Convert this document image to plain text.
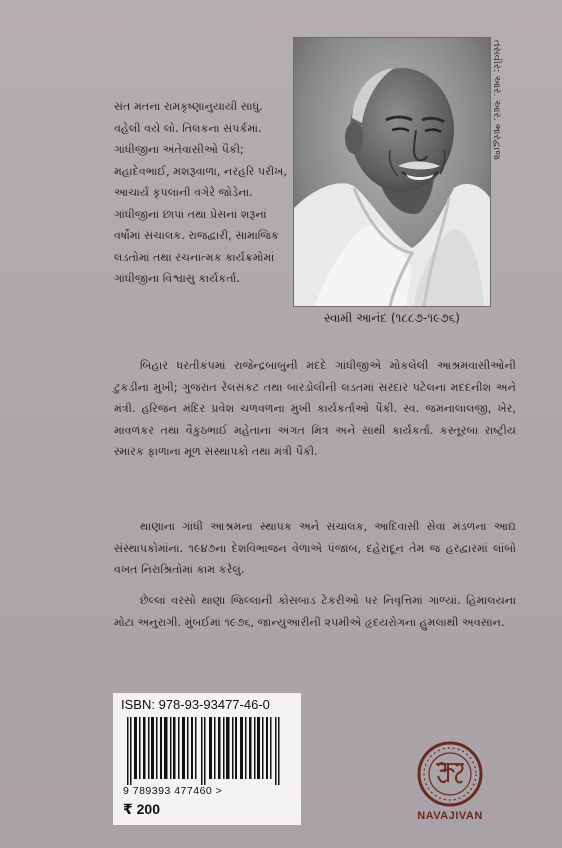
તસવીર: આર. આર. ભારદ્વાજ
સ્વામી આનંદ (૧૮૮૭-૧૯૭૬)

સંત મતના રામકૃષ્ણાનુયાયી સાધુ. વહેલી વયે લો. તિલકના સંપર્કમાં. ગાંધીજીના અંતેવાસીઓ પૈકી; મહાદેવભાઈ, મશરૂવાળા, નરહરિ પરીખ, આચાર્ય કૃપલાની વગેરે જોડેના. ગાંધીજીનાં છાપાં તથા પ્રેસનાં શરૂનાં વર્ષોમાં સંચાલક. રાજદ્વારી, સામાજિક લડતોમાં તથા રચનાત્મક કાર્યક્રમોમાં ગાંધીજીના વિશ્વાસુ કાર્યકર્તા.

બિહાર ધરતીકંપમાં રાજેન્દ્રબાબુની મદદે ગાંધીજીએ મોકલેલી આશ્રમવાસીઓની ટુકડીના મુખી; ગુજરાત રેલસંકટ તથા બારડોલીની લડતમાં સરદાર પટેલના મદદનીશ અને મંત્રી. હરિજન મંદિર પ્રવેશ ચળવળના મુખી કાર્યકર્તાઓ પૈકી. સ્વ. જમનાલાલજી, ખેર, માવળંકર તથા વૈકુંઠભાઈ મહેતાના અંગત મિત્ર અને સાથી કાર્યકર્તા. કસ્તૂરબા રાષ્ટ્રીય સ્મારક ફાળાના મૂળ સંસ્થાપકો તથા મંત્રી પૈકી.

થાણાના ગાંધી આશ્રમના સ્થાપક અને સંચાલક, આદિવાસી સેવા મંડળના આદ્ય સંસ્થાપકોમાંના. ૧૯૪૭ના દેશવિભાજન વેળાએ પંજાબ, દહેરાદૂન તેમ જ હરદ્વારમાં લાંબો વખત નિરાશ્રિતોમાં કામ કરેલું.

છેલ્લાં વરસો થાણા જિલ્લાની કોસબાડ ટેકરીઓ પર નિવૃત્તિમાં ગાળ્યાં. હિમાલયના મોટા અનુરાગી. મુંબઈમાં ૧૯૭૬, જાન્યુઆરીની ૨૫મીએ હૃદયરોગના હુમલાથી અવસાન.

ISBN: 978-93-93477-46-0
9 789393 477460 >
₹ 200	NAVAJIVAN
